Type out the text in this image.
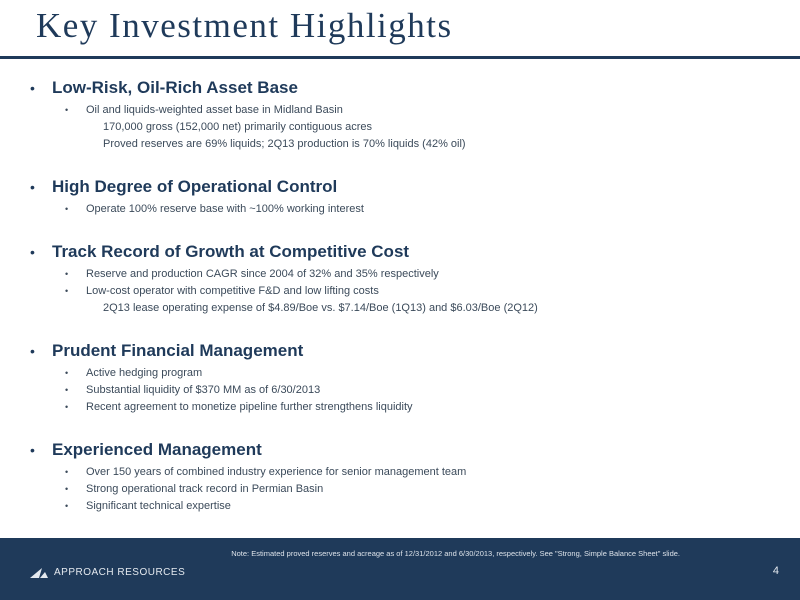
Key Investment Highlights
• Low-Risk, Oil-Rich Asset Base
• Oil and liquids-weighted asset base in Midland Basin
170,000 gross (152,000 net) primarily contiguous acres
Proved reserves are 69% liquids; 2Q13 production is 70% liquids (42% oil)
• High Degree of Operational Control
• Operate 100% reserve base with ~100% working interest
• Track Record of Growth at Competitive Cost
• Reserve and production CAGR since 2004 of 32% and 35% respectively
• Low-cost operator with competitive F&D and low lifting costs
2Q13 lease operating expense of $4.89/Boe vs. $7.14/Boe (1Q13) and $6.03/Boe (2Q12)
• Prudent Financial Management
• Active hedging program
• Substantial liquidity of $370 MM as of 6/30/2013
• Recent agreement to monetize pipeline further strengthens liquidity
• Experienced Management
• Over 150 years of combined industry experience for senior management team
• Strong operational track record in Permian Basin
• Significant technical expertise
Note: Estimated proved reserves and acreage as of 12/31/2012 and 6/30/2013, respectively. See "Strong, Simple Balance Sheet" slide.
APPROACH RESOURCES	4
